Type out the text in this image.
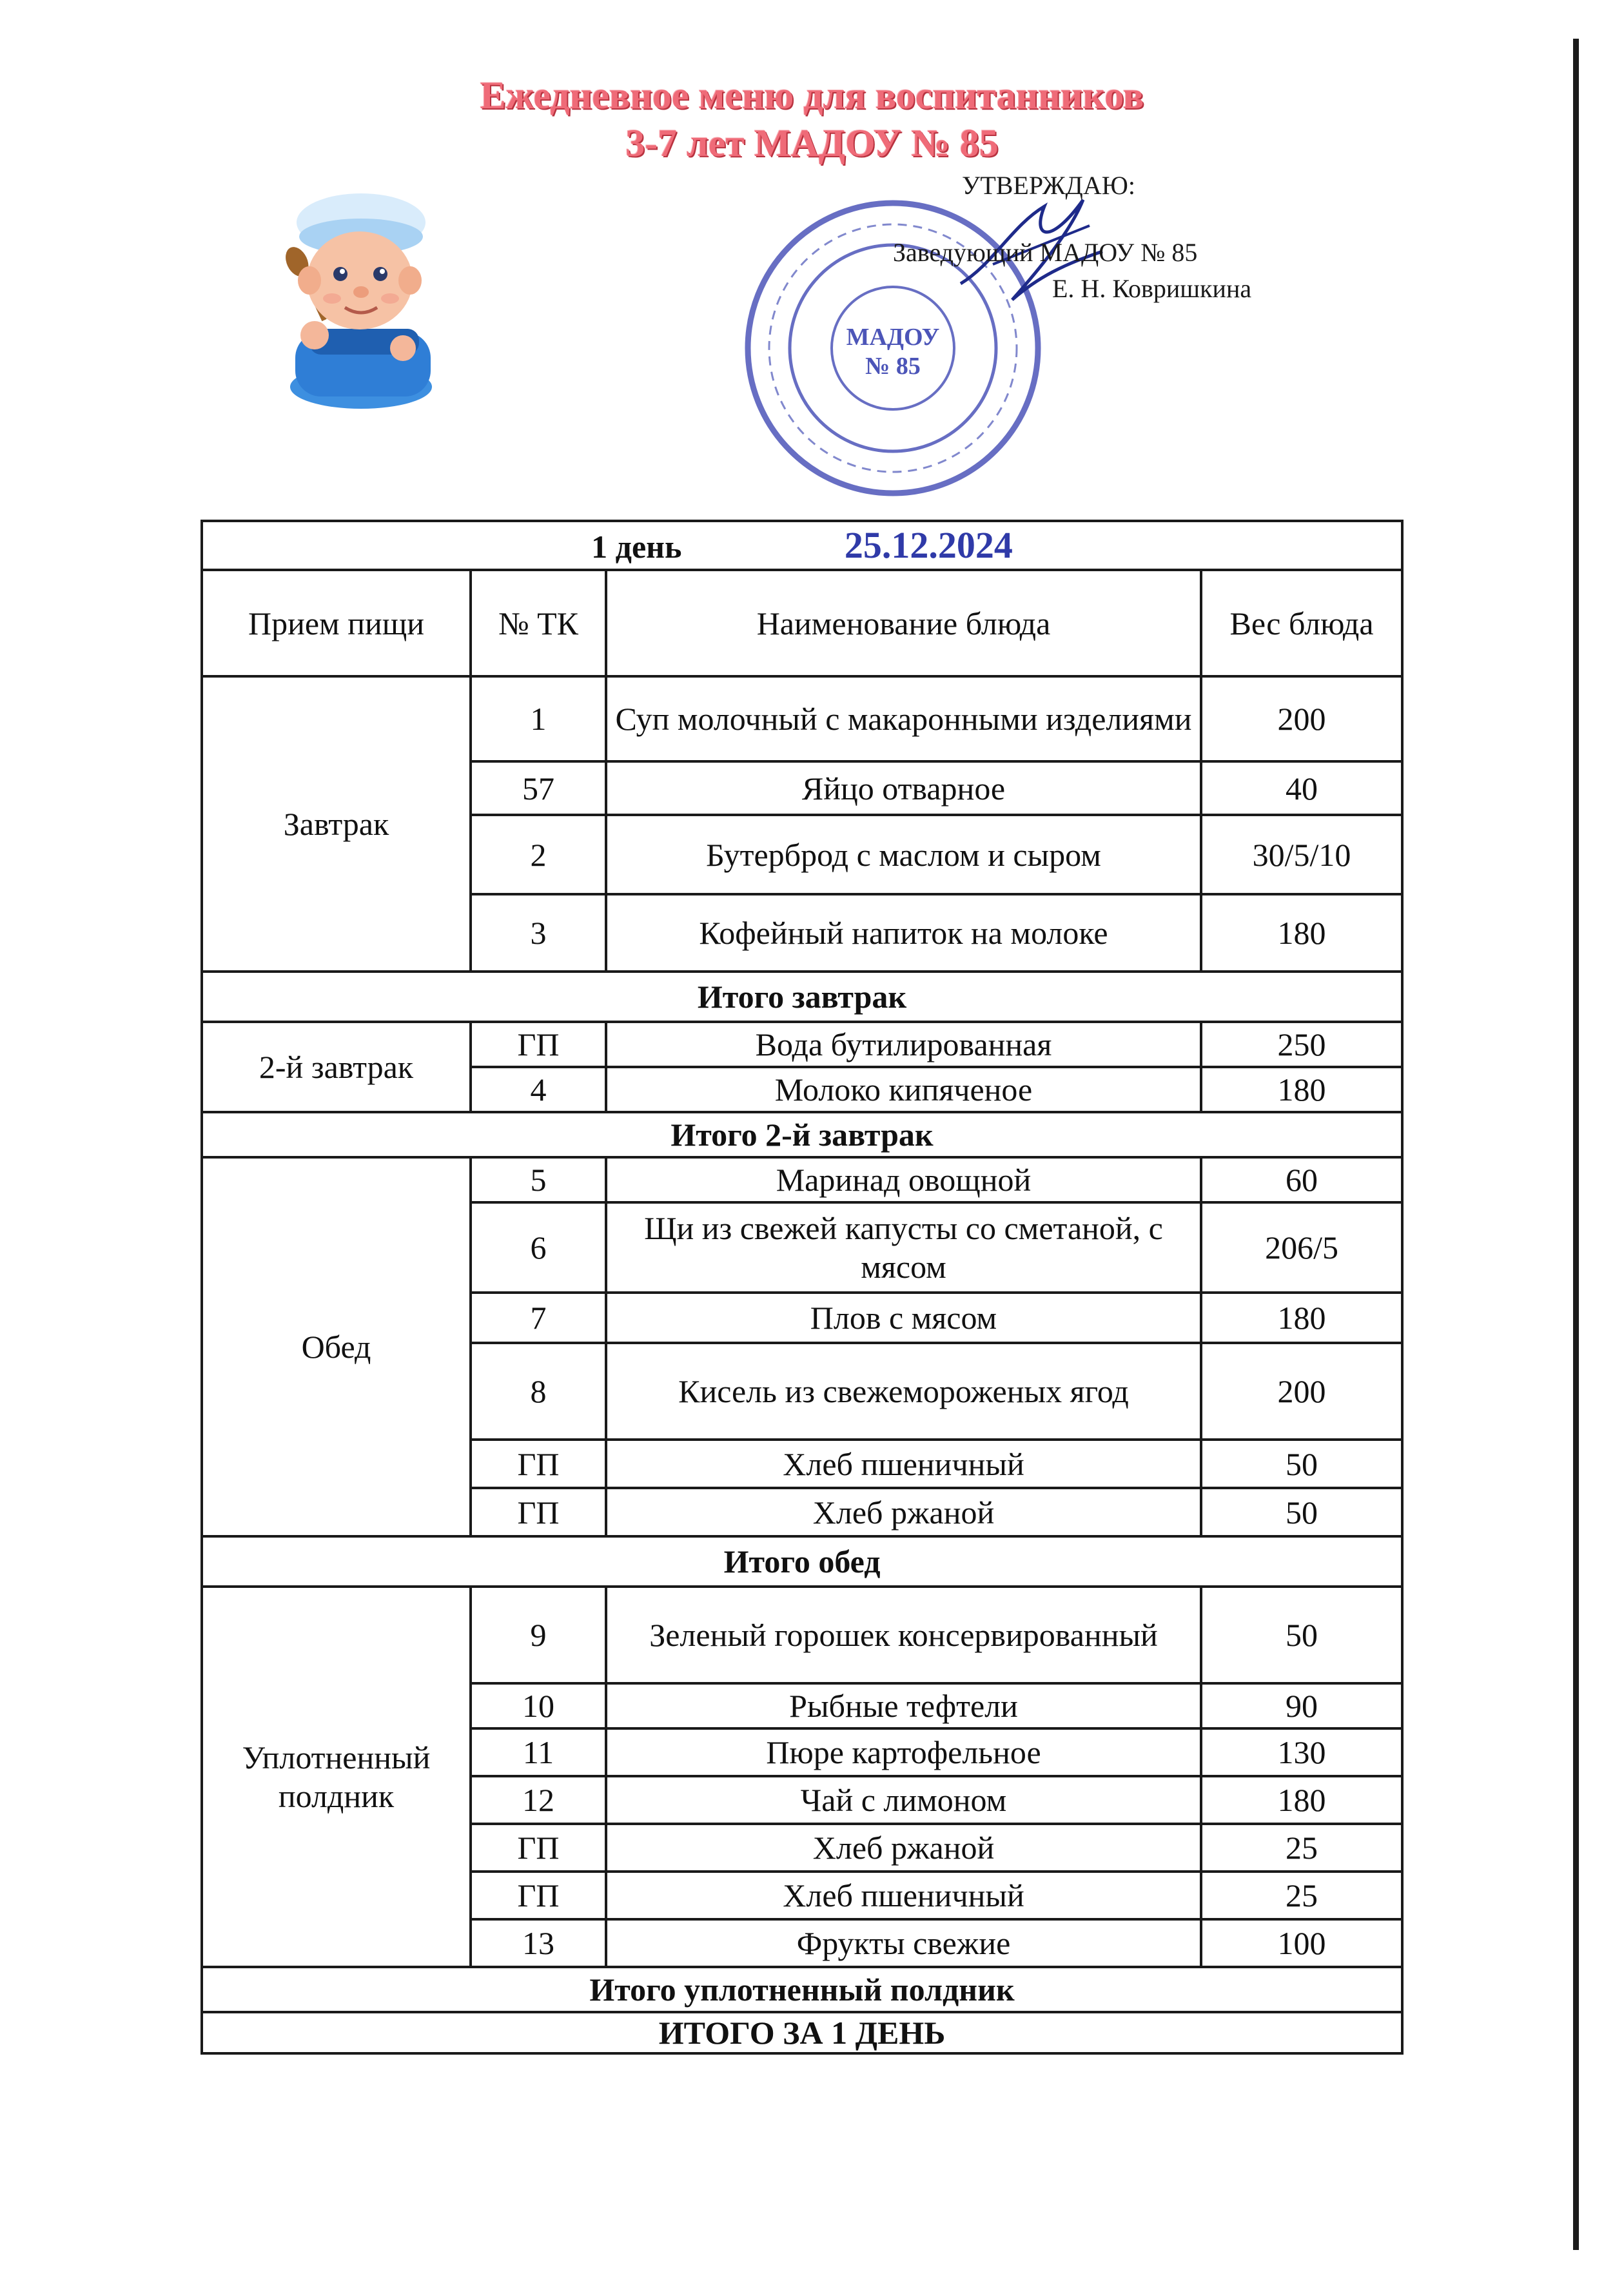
Ежедневное меню для воспитанников
3-7 лет МАДОУ № 85
МАДОУ
№ 85
УТВЕРЖДАЮ:
Заведующий МАДОУ № 85
Е. Н. Ковришкина
1 день 25.12.2024			
Прием пищи	№ ТК	Наименование блюда	Вес блюда
Завтрак	1	Суп молочный с макаронными изделиями	200
	57	Яйцо отварное	40
	2	Бутерброд с маслом и сыром	30/5/10
	3	Кофейный напиток на молоке	180
Итого завтрак			
2-й завтрак	ГП	Вода бутилированная	250
	4	Молоко кипяченое	180
Итого 2-й завтрак			
Обед	5	Маринад овощной	60
	6	Щи из свежей капусты со сметаной, с мясом	206/5
	7	Плов с мясом	180
	8	Кисель из свежемороженых ягод	200
	ГП	Хлеб пшеничный	50
	ГП	Хлеб ржаной	50
Итого обед			
Уплотненный полдник	9	Зеленый горошек консервированный	50
	10	Рыбные тефтели	90
	11	Пюре картофельное	130
	12	Чай с лимоном	180
	ГП	Хлеб ржаной	25
	ГП	Хлеб пшеничный	25
	13	Фрукты свежие	100
Итого уплотненный полдник			
ИТОГО ЗА 1 ДЕНЬ			
